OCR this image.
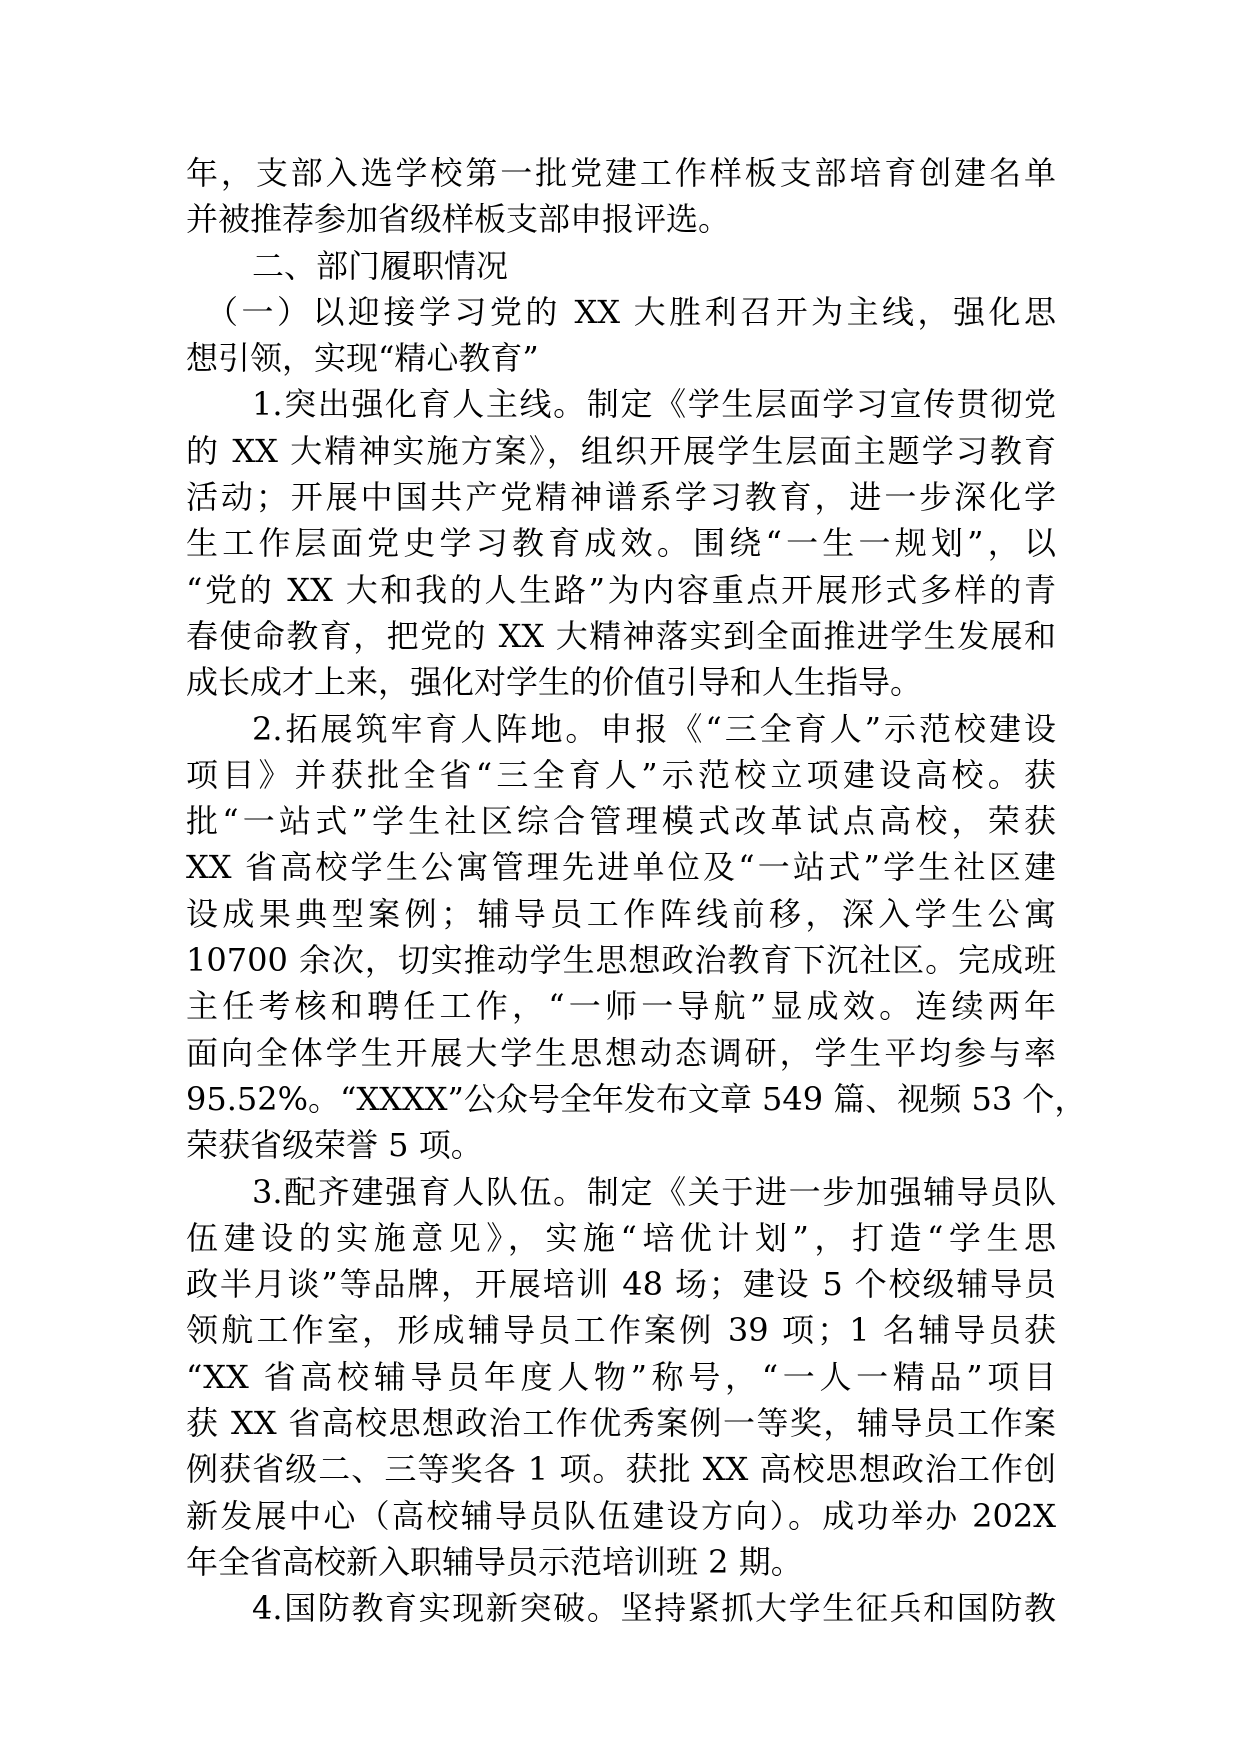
年，支部入选学校第一批党建工作样板支部培育创建名单
并被推荐参加省级样板支部申报评选。
二、部门履职情况
（一）以迎接学习党的 XX 大胜利召开为主线，强化思
想引领，实现“精心教育”
1.突出强化育人主线。制定《学生层面学习宣传贯彻党
的 XX 大精神实施方案》，组织开展学生层面主题学习教育
活动；开展中国共产党精神谱系学习教育，进一步深化学
生工作层面党史学习教育成效。围绕“一生一规划”，以
“党的 XX 大和我的人生路”为内容重点开展形式多样的青
春使命教育，把党的 XX 大精神落实到全面推进学生发展和
成长成才上来，强化对学生的价值引导和人生指导。
2.拓展筑牢育人阵地。申报《“三全育人”示范校建设
项目》并获批全省“三全育人”示范校立项建设高校。获
批“一站式”学生社区综合管理模式改革试点高校，荣获
XX 省高校学生公寓管理先进单位及“一站式”学生社区建
设成果典型案例；辅导员工作阵线前移，深入学生公寓
10700 余次，切实推动学生思想政治教育下沉社区。完成班
主任考核和聘任工作，“一师一导航”显成效。连续两年
面向全体学生开展大学生思想动态调研，学生平均参与率
95.52%。“XXXX”公众号全年发布文章 549 篇、视频 53 个，
荣获省级荣誉 5 项。
3.配齐建强育人队伍。制定《关于进一步加强辅导员队
伍建设的实施意见》，实施“培优计划”，打造“学生思
政半月谈”等品牌，开展培训 48 场；建设 5 个校级辅导员
领航工作室，形成辅导员工作案例 39 项；1 名辅导员获
“XX 省高校辅导员年度人物”称号，“一人一精品”项目
获 XX 省高校思想政治工作优秀案例一等奖，辅导员工作案
例获省级二、三等奖各 1 项。获批 XX 高校思想政治工作创
新发展中心（高校辅导员队伍建设方向）。成功举办 202X
年全省高校新入职辅导员示范培训班 2 期。
4.国防教育实现新突破。坚持紧抓大学生征兵和国防教
